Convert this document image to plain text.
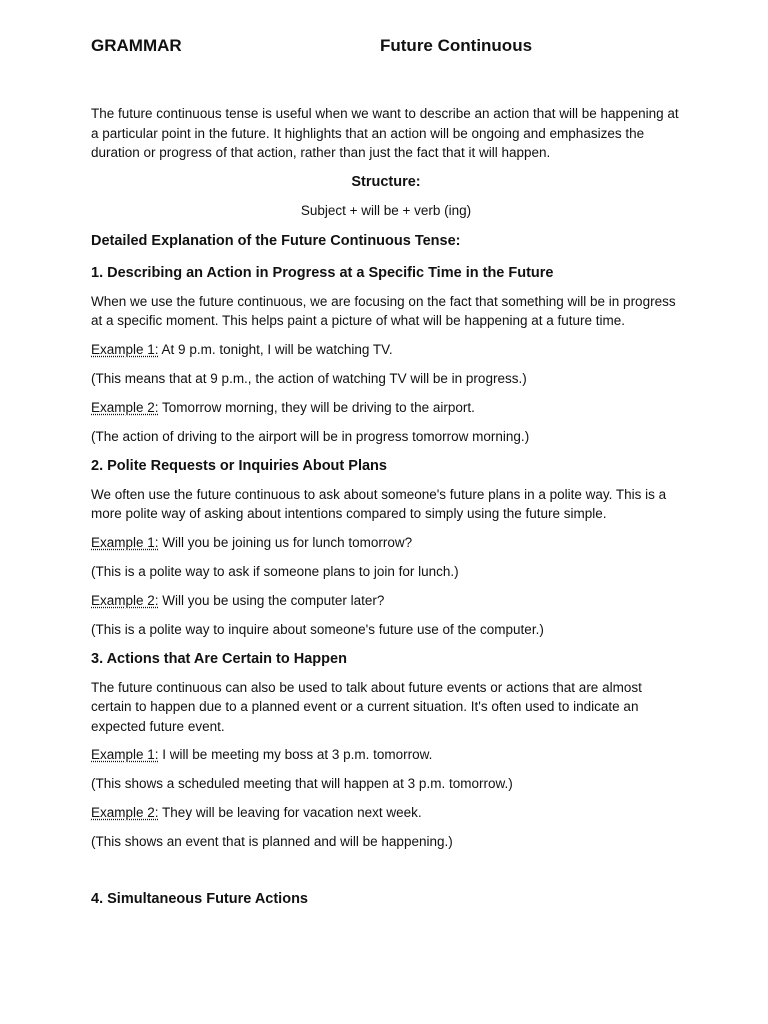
GRAMMAR	Future Continuous

The future continuous tense is useful when we want to describe an action that will be happening at a particular point in the future. It highlights that an action will be ongoing and emphasizes the duration or progress of that action, rather than just the fact that it will happen.

Structure:

Subject + will be + verb (ing)

Detailed Explanation of the Future Continuous Tense:

1. Describing an Action in Progress at a Specific Time in the Future

When we use the future continuous, we are focusing on the fact that something will be in progress at a specific moment. This helps paint a picture of what will be happening at a future time.

Example 1: At 9 p.m. tonight, I will be watching TV.

(This means that at 9 p.m., the action of watching TV will be in progress.)

Example 2: Tomorrow morning, they will be driving to the airport.

(The action of driving to the airport will be in progress tomorrow morning.)

2. Polite Requests or Inquiries About Plans

We often use the future continuous to ask about someone's future plans in a polite way. This is a more polite way of asking about intentions compared to simply using the future simple.

Example 1: Will you be joining us for lunch tomorrow?

(This is a polite way to ask if someone plans to join for lunch.)

Example 2: Will you be using the computer later?

(This is a polite way to inquire about someone's future use of the computer.)

3. Actions that Are Certain to Happen

The future continuous can also be used to talk about future events or actions that are almost certain to happen due to a planned event or a current situation. It's often used to indicate an expected future event.

Example 1: I will be meeting my boss at 3 p.m. tomorrow.

(This shows a scheduled meeting that will happen at 3 p.m. tomorrow.)

Example 2: They will be leaving for vacation next week.

(This shows an event that is planned and will be happening.)

4. Simultaneous Future Actions
